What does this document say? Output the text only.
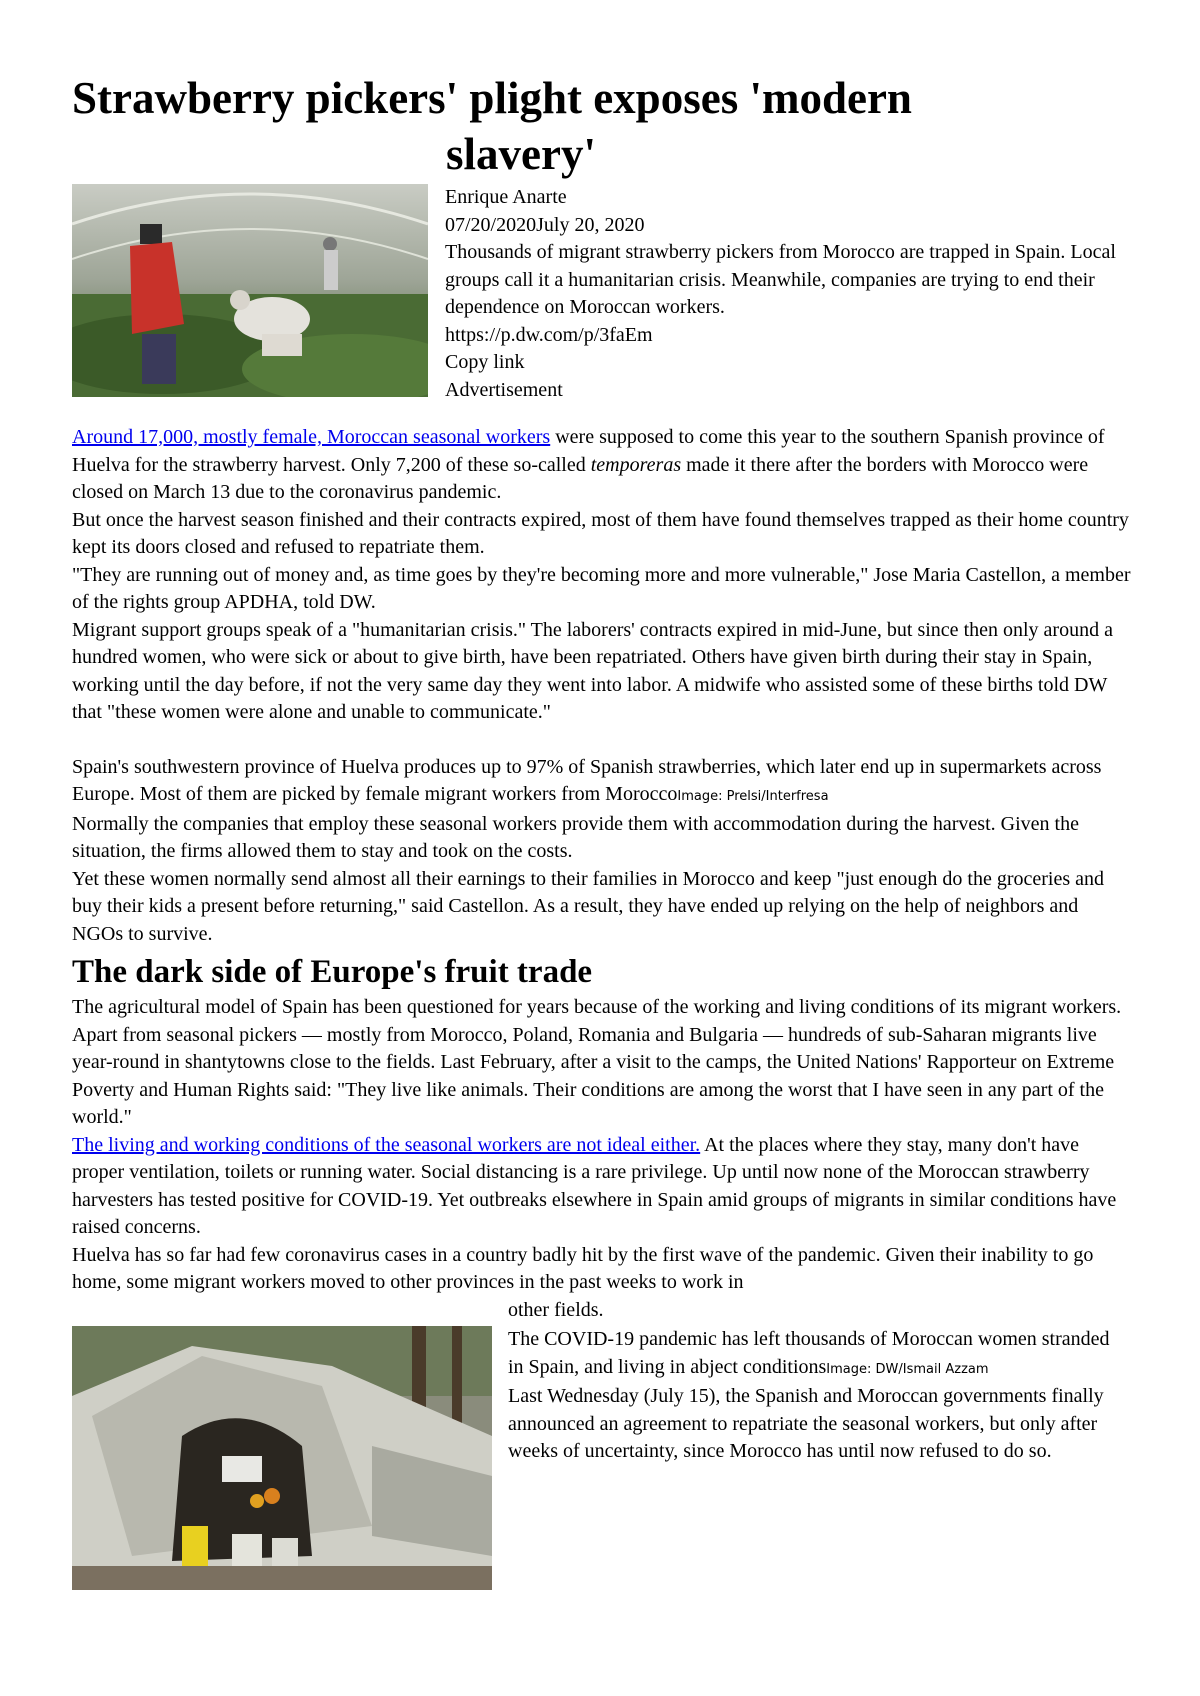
Strawberry pickers' plight exposes 'modern
slavery'

Enrique Anarte

07/20/2020July 20, 2020

Thousands of migrant strawberry pickers from Morocco are trapped in Spain. Local groups call it a humanitarian crisis. Meanwhile, companies are trying to end their dependence on Moroccan workers.

https://p.dw.com/p/3faEm

Copy link

Advertisement

Around 17,000, mostly female, Moroccan seasonal workers were supposed to come this year to the southern Spanish province of Huelva for the strawberry harvest. Only 7,200 of these so-called temporeras made it there after the borders with Morocco were closed on March 13 due to the coronavirus pandemic.

But once the harvest season finished and their contracts expired, most of them have found themselves trapped as their home country kept its doors closed and refused to repatriate them.

"They are running out of money and, as time goes by they're becoming more and more vulnerable," Jose Maria Castellon, a member of the rights group APDHA, told DW.

Migrant support groups speak of a "humanitarian crisis." The laborers' contracts expired in mid-June, but since then only around a hundred women, who were sick or about to give birth, have been repatriated. Others have given birth during their stay in Spain, working until the day before, if not the very same day they went into labor. A midwife who assisted some of these births told DW that "these women were alone and unable to communicate."

Spain's southwestern province of Huelva produces up to 97% of Spanish strawberries, which later end up in supermarkets across Europe. Most of them are picked by female migrant workers from MoroccoImage: Prelsi/Interfresa

Normally the companies that employ these seasonal workers provide them with accommodation during the harvest. Given the situation, the firms allowed them to stay and took on the costs.

Yet these women normally send almost all their earnings to their families in Morocco and keep "just enough do the groceries and buy their kids a present before returning," said Castellon. As a result, they have ended up relying on the help of neighbors and NGOs to survive.

The dark side of Europe's fruit trade

The agricultural model of Spain has been questioned for years because of the working and living conditions of its migrant workers.

Apart from seasonal pickers — mostly from Morocco, Poland, Romania and Bulgaria — hundreds of sub-Saharan migrants live year-round in shantytowns close to the fields. Last February, after a visit to the camps, the United Nations' Rapporteur on Extreme Poverty and Human Rights said: "They live like animals. Their conditions are among the worst that I have seen in any part of the world."

The living and working conditions of the seasonal workers are not ideal either. At the places where they stay, many don't have proper ventilation, toilets or running water. Social distancing is a rare privilege. Up until now none of the Moroccan strawberry harvesters has tested positive for COVID-19. Yet outbreaks elsewhere in Spain amid groups of migrants in similar conditions have raised concerns.

Huelva has so far had few coronavirus cases in a country badly hit by the first wave of the pandemic. Given their inability to go home, some migrant workers moved to other provinces in the past weeks to work in

other fields.

The COVID-19 pandemic has left thousands of Moroccan women stranded in Spain, and living in abject conditionsImage: DW/Ismail Azzam

Last Wednesday (July 15), the Spanish and Moroccan governments finally announced an agreement to repatriate the seasonal workers, but only after weeks of uncertainty, since Morocco has until now refused to do so.
